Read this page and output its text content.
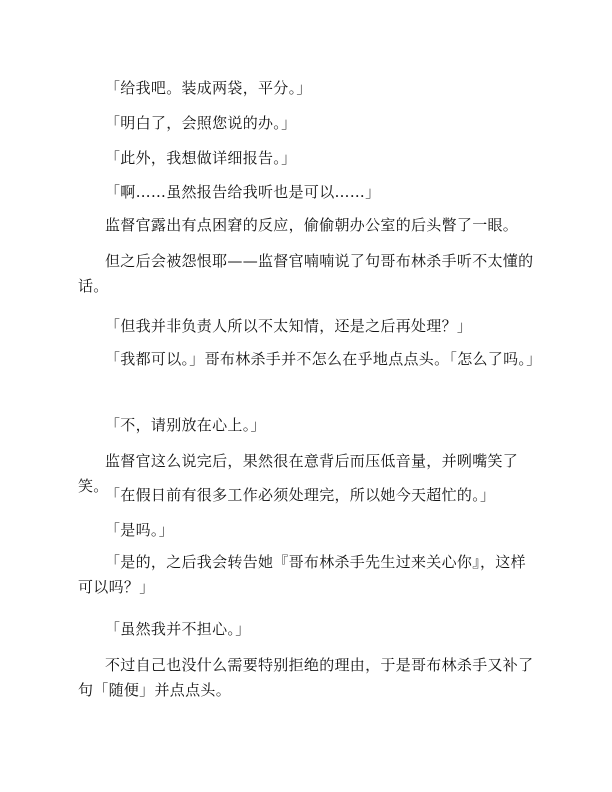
「给我吧。装成两袋，平分。」

「明白了，会照您说的办。」

「此外，我想做详细报告。」

「啊……虽然报告给我听也是可以……」

监督官露出有点困窘的反应，偷偷朝办公室的后头瞥了一眼。

但之后会被怨恨耶——监督官喃喃说了句哥布林杀手听不太懂的话。

「但我并非负责人所以不太知情，还是之后再处理？」

「我都可以。」哥布林杀手并不怎么在乎地点点头。「怎么了吗。」

「不，请别放在心上。」

监督官这么说完后，果然很在意背后而压低音量，并咧嘴笑了笑。

「在假日前有很多工作必须处理完，所以她今天超忙的。」

「是吗。」

「是的，之后我会转告她『哥布林杀手先生过来关心你』，这样可以吗？」

「虽然我并不担心。」

不过自己也没什么需要特别拒绝的理由，于是哥布林杀手又补了句「随便」并点点头。
